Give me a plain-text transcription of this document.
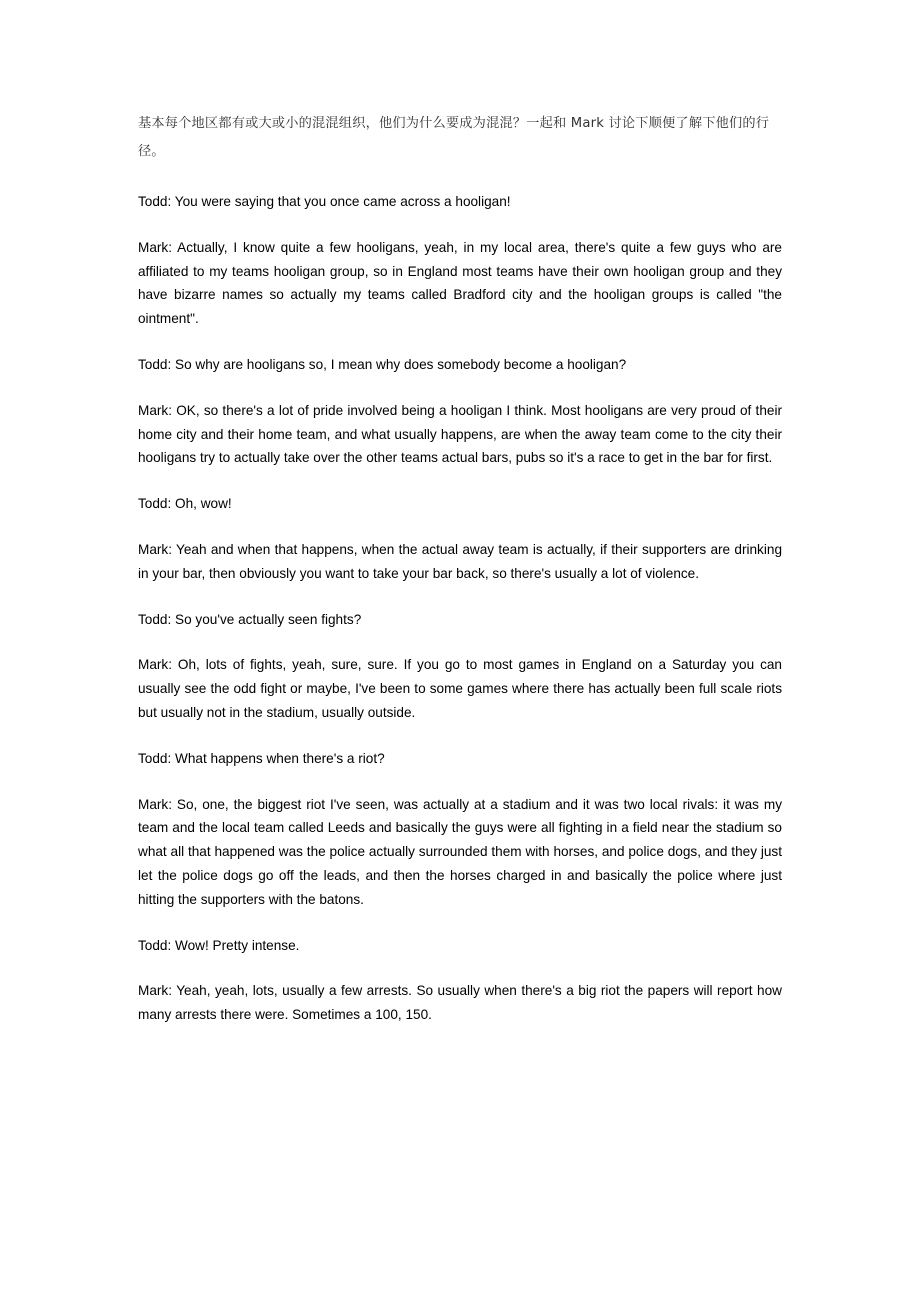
基本每个地区都有或大或小的混混组织，他们为什么要成为混混？一起和 Mark 讨论下顺便了解下他们的行径。

Todd: You were saying that you once came across a hooligan!

Mark: Actually, I know quite a few hooligans, yeah, in my local area, there's quite a few guys who are affiliated to my teams hooligan group, so in England most teams have their own hooligan group and they have bizarre names so actually my teams called Bradford city and the hooligan groups is called "the ointment".

Todd: So why are hooligans so, I mean why does somebody become a hooligan?

Mark: OK, so there's a lot of pride involved being a hooligan I think. Most hooligans are very proud of their home city and their home team, and what usually happens, are when the away team come to the city their hooligans try to actually take over the other teams actual bars, pubs so it's a race to get in the bar for first.

Todd: Oh, wow!

Mark: Yeah and when that happens, when the actual away team is actually, if their supporters are drinking in your bar, then obviously you want to take your bar back, so there's usually a lot of violence.

Todd: So you've actually seen fights?

Mark: Oh, lots of fights, yeah, sure, sure. If you go to most games in England on a Saturday you can usually see the odd fight or maybe, I've been to some games where there has actually been full scale riots but usually not in the stadium, usually outside.

Todd: What happens when there's a riot?

Mark: So, one, the biggest riot I've seen, was actually at a stadium and it was two local rivals: it was my team and the local team called Leeds and basically the guys were all fighting in a field near the stadium so what all that happened was the police actually surrounded them with horses, and police dogs, and they just let the police dogs go off the leads, and then the horses charged in and basically the police where just hitting the supporters with the batons.

Todd: Wow! Pretty intense.

Mark: Yeah, yeah, lots, usually a few arrests. So usually when there's a big riot the papers will report how many arrests there were. Sometimes a 100, 150.
